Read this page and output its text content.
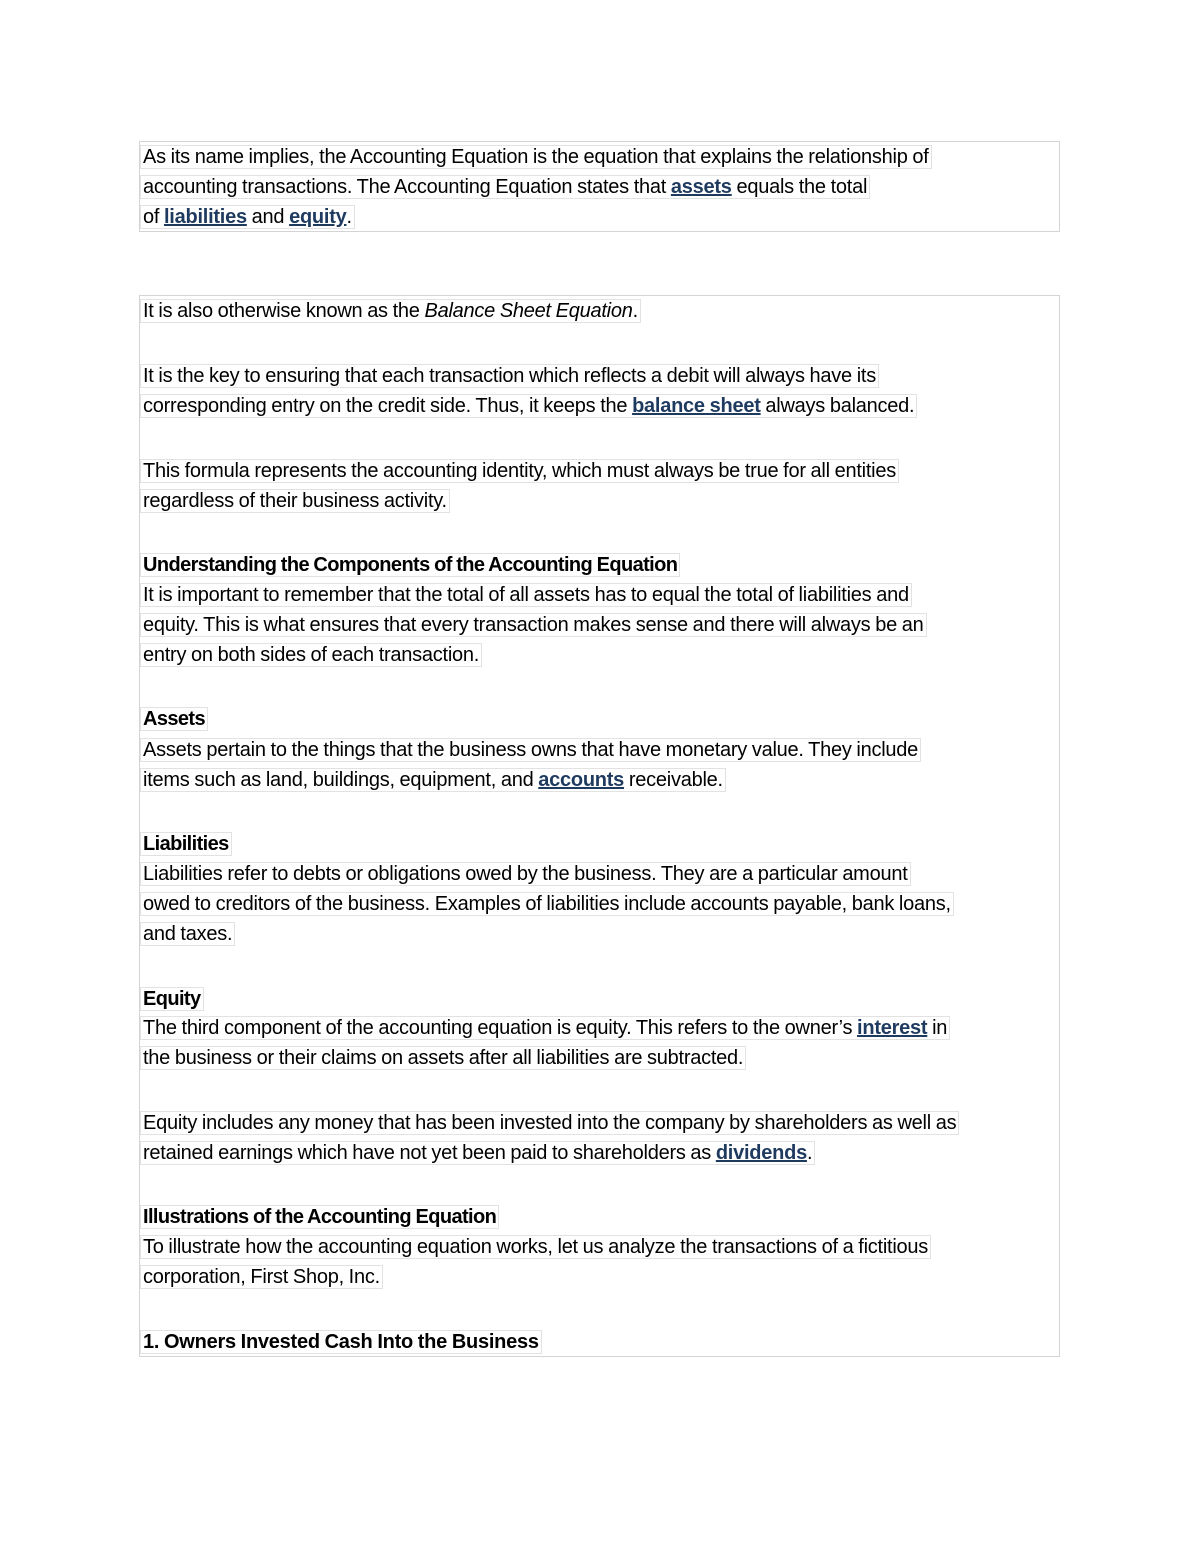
As its name implies, the Accounting Equation is the equation that explains the relationship of
accounting transactions. The Accounting Equation states that assets equals the total
of liabilities and equity.
It is also otherwise known as the Balance Sheet Equation.
It is the key to ensuring that each transaction which reflects a debit will always have its
corresponding entry on the credit side. Thus, it keeps the balance sheet always balanced.
This formula represents the accounting identity, which must always be true for all entities
regardless of their business activity.
Understanding the Components of the Accounting Equation
It is important to remember that the total of all assets has to equal the total of liabilities and
equity. This is what ensures that every transaction makes sense and there will always be an
entry on both sides of each transaction.
Assets
Assets pertain to the things that the business owns that have monetary value. They include
items such as land, buildings, equipment, and accounts receivable.
Liabilities
Liabilities refer to debts or obligations owed by the business. They are a particular amount
owed to creditors of the business. Examples of liabilities include accounts payable, bank loans,
and taxes.
Equity
The third component of the accounting equation is equity. This refers to the owner’s interest in
the business or their claims on assets after all liabilities are subtracted.
Equity includes any money that has been invested into the company by shareholders as well as
retained earnings which have not yet been paid to shareholders as dividends.
Illustrations of the Accounting Equation
To illustrate how the accounting equation works, let us analyze the transactions of a fictitious
corporation, First Shop, Inc.
1. Owners Invested Cash Into the Business
